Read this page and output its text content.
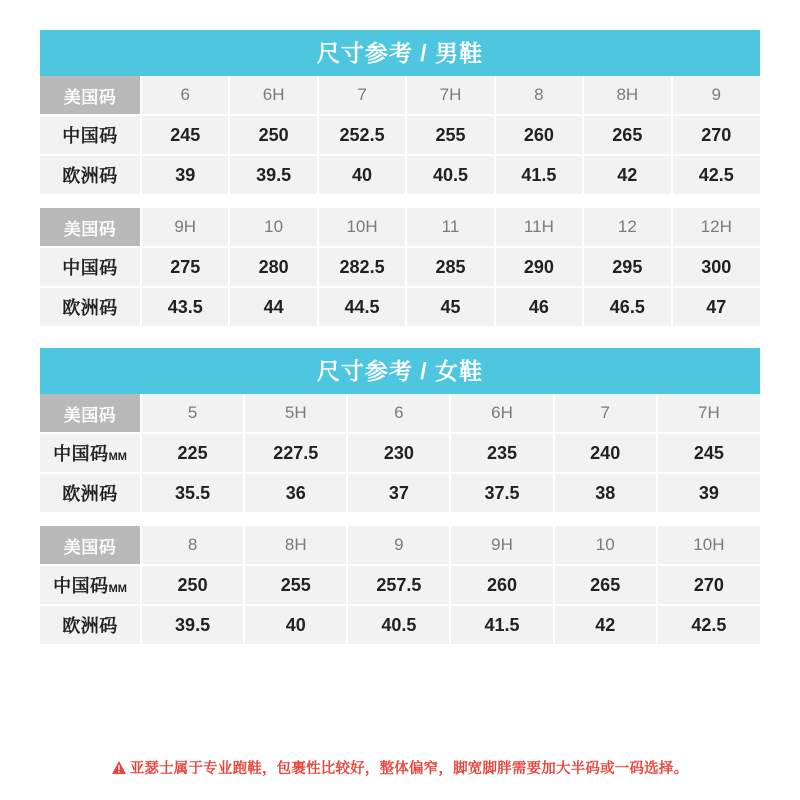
尺寸参考 / 男鞋
美国码	6	6H	7	7H	8	8H	9
中国码	245	250	252.5	255	260	265	270
欧洲码	39	39.5	40	40.5	41.5	42	42.5
美国码	9H	10	10H	11	11H	12	12H
中国码	275	280	282.5	285	290	295	300
欧洲码	43.5	44	44.5	45	46	46.5	47
尺寸参考 / 女鞋
美国码	5	5H	6	6H	7	7H
中国码MM	225	227.5	230	235	240	245
欧洲码	35.5	36	37	37.5	38	39
美国码	8	8H	9	9H	10	10H
中国码MM	250	255	257.5	260	265	270
欧洲码	39.5	40	40.5	41.5	42	42.5
亚瑟士属于专业跑鞋，包裹性比较好，整体偏窄，脚宽脚胖需要加大半码或一码选择。
